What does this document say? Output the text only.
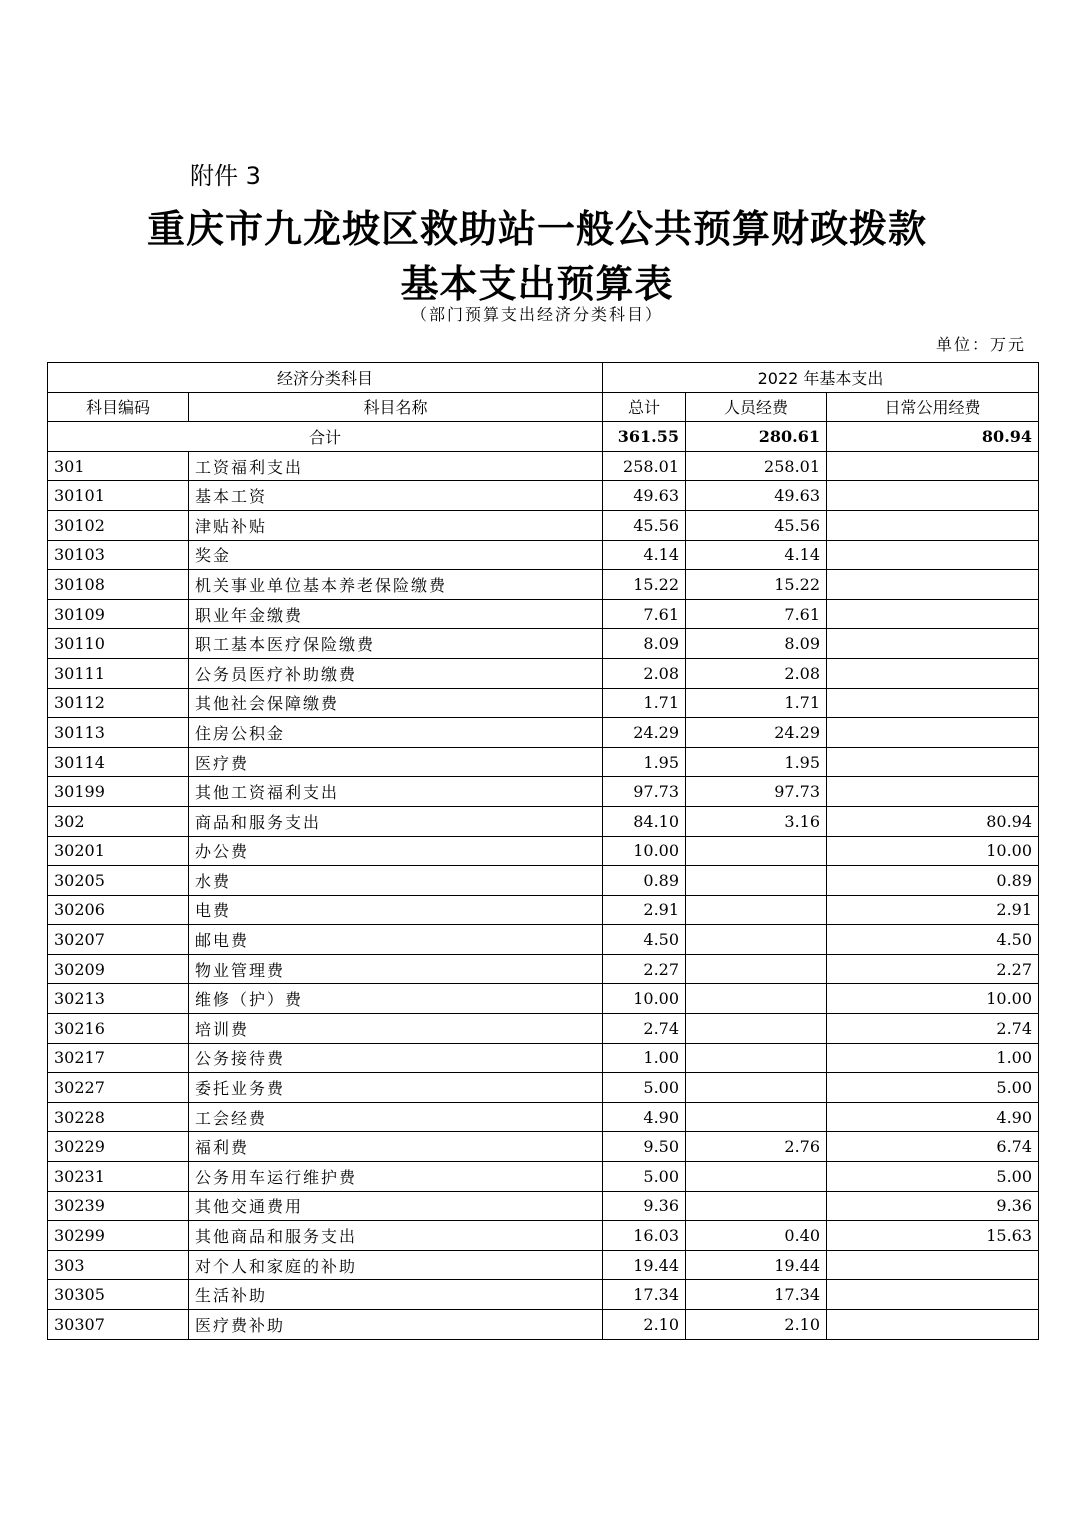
附件 3
重庆市九龙坡区救助站一般公共预算财政拨款
基本支出预算表
（部门预算支出经济分类科目）
单位：万元
经济分类科目		2022 年基本支出		
科目编码	科目名称	总计	人员经费	日常公用经费
合计		361.55	280.61	80.94
301	工资福利支出	258.01	258.01	
30101	基本工资	49.63	49.63	
30102	津贴补贴	45.56	45.56	
30103	奖金	4.14	4.14	
30108	机关事业单位基本养老保险缴费	15.22	15.22	
30109	职业年金缴费	7.61	7.61	
30110	职工基本医疗保险缴费	8.09	8.09	
30111	公务员医疗补助缴费	2.08	2.08	
30112	其他社会保障缴费	1.71	1.71	
30113	住房公积金	24.29	24.29	
30114	医疗费	1.95	1.95	
30199	其他工资福利支出	97.73	97.73	
302	商品和服务支出	84.10	3.16	80.94
30201	办公费	10.00		10.00
30205	水费	0.89		0.89
30206	电费	2.91		2.91
30207	邮电费	4.50		4.50
30209	物业管理费	2.27		2.27
30213	维修（护）费	10.00		10.00
30216	培训费	2.74		2.74
30217	公务接待费	1.00		1.00
30227	委托业务费	5.00		5.00
30228	工会经费	4.90		4.90
30229	福利费	9.50	2.76	6.74
30231	公务用车运行维护费	5.00		5.00
30239	其他交通费用	9.36		9.36
30299	其他商品和服务支出	16.03	0.40	15.63
303	对个人和家庭的补助	19.44	19.44	
30305	生活补助	17.34	17.34	
30307	医疗费补助	2.10	2.10	
